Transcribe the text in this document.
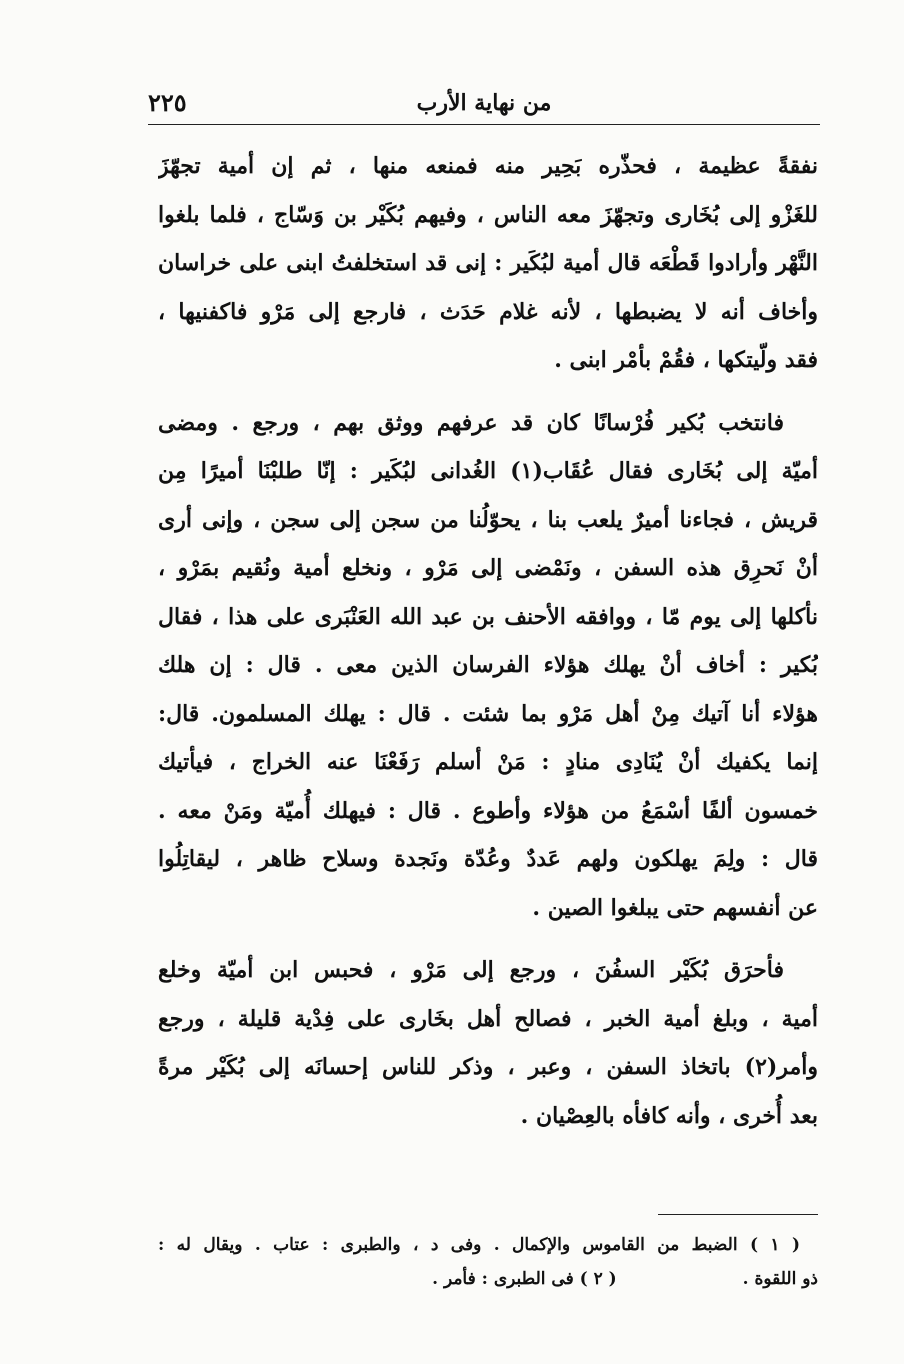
من نهاية الأرب
٢٢٥
نفقةً عظيمة ، فحذّره بَحِير منه فمنعه منها ، ثم إن أمية تجهّزَ
للغَزْو إلى بُخَارى وتجهّزَ معه الناس ، وفيهم بُكَيْر بن وَسّاج ، فلما بلغوا
النَّهْر وأرادوا قَطْعَه قال أمية لبُكَير : إنى قد استخلفتُ ابنى على خراسان
وأخاف أنه لا يضبطها ، لأنه غلام حَدَث ، فارجع إلى مَرْو فاكفنيها ،
فقد ولّيتكها ، فقُمْ بأمْر ابنى .
فانتخب بُكير فُرْسانًا كان قد عرفهم ووثق بهم ، ورجع . ومضى
أميّة إلى بُخَارى فقال عُقَاب(١) الغُدانى لبُكَير : إنّا طلبْنَا أميرًا مِن
قريش ، فجاءنا أميرٌ يلعب بنا ، يحوّلُنا من سجن إلى سجن ، وإنى أرى
أنْ نَحرِق هذه السفن ، ونَمْضى إلى مَرْو ، ونخلع أمية ونُقيم بمَرْو ،
نأكلها إلى يوم مّا ، ووافقه الأحنف بن عبد الله العَنْبَرى على هذا ، فقال
بُكير : أخاف أنْ يهلك هؤلاء الفرسان الذين معى . قال : إن هلك
هؤلاء أنا آتيك مِنْ أهل مَرْو بما شئت . قال : يهلك المسلمون. قال:
إنما يكفيك أنْ يُنَادِى منادٍ : مَنْ أسلم رَفَعْنَا عنه الخراج ، فيأتيك
خمسون ألفًا أسْمَعُ من هؤلاء وأطوع . قال : فيهلك أُميّة ومَنْ معه .
قال : ولِمَ يهلكون ولهم عَددٌ وعُدّة ونَجدة وسلاح ظاهر ، ليقاتِلُوا
عن أنفسهم حتى يبلغوا الصين .
فأحرَق بُكَيْر السفُنَ ، ورجع إلى مَرْو ، فحبس ابن أميّة وخلع
أمية ، وبلغ أمية الخبر ، فصالح أهل بخَارى على فِدْية قليلة ، ورجع
وأمر(٢) باتخاذ السفن ، وعبر ، وذكر للناس إحسانَه إلى بُكَيْر مرةً
بعد أُخرى ، وأنه كافأه بالعِصْيان .
( ١ ) الضبط من القاموس والإكمال . وفى د ، والطبرى : عتاب . ويقال له :
ذو اللقوة . ( ٢ ) فى الطبرى : فأمر .
